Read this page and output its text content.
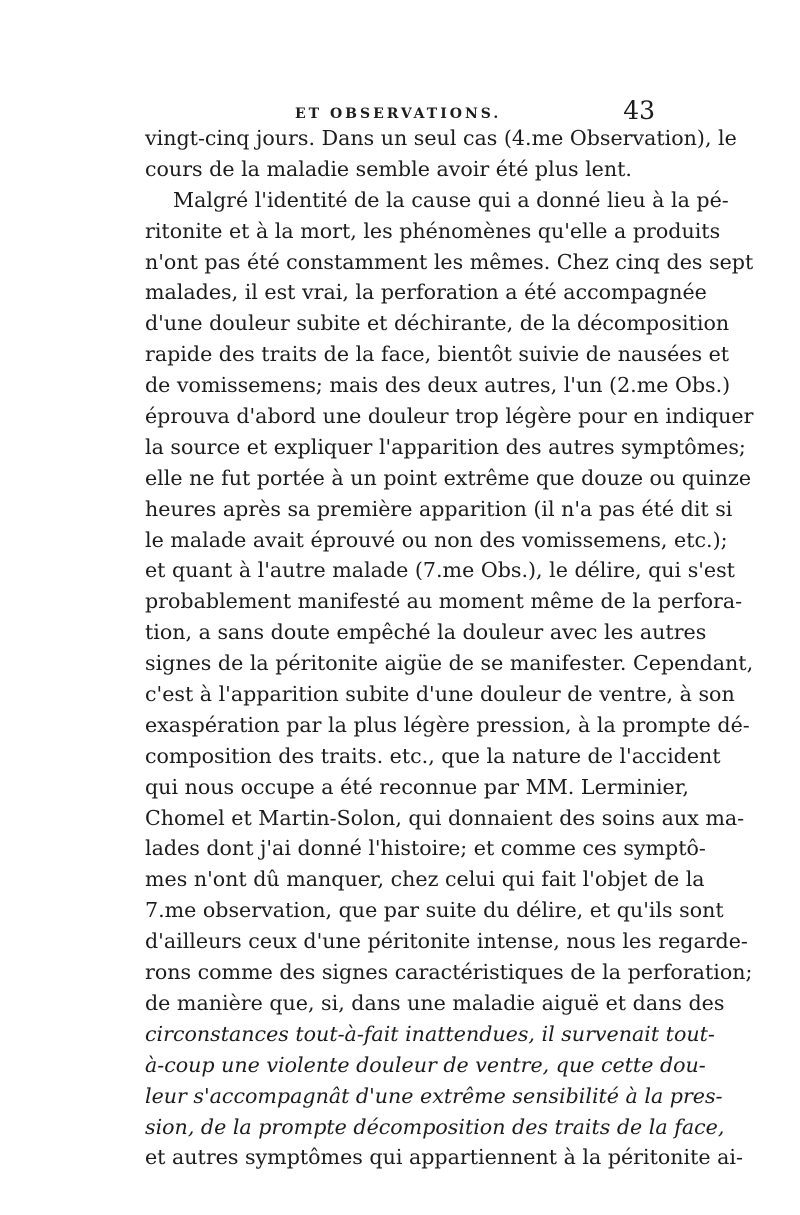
ET OBSERVATIONS.	43
vingt-cinq jours. Dans un seul cas (4.me Observation), le
cours de la maladie semble avoir été plus lent.
Malgré l'identité de la cause qui a donné lieu à la pé-
ritonite et à la mort, les phénomènes qu'elle a produits
n'ont pas été constamment les mêmes. Chez cinq des sept
malades, il est vrai, la perforation a été accompagnée
d'une douleur subite et déchirante, de la décomposition
rapide des traits de la face, bientôt suivie de nausées et
de vomissemens; mais des deux autres, l'un (2.me Obs.)
éprouva d'abord une douleur trop légère pour en indiquer
la source et expliquer l'apparition des autres symptômes;
elle ne fut portée à un point extrême que douze ou quinze
heures après sa première apparition (il n'a pas été dit si
le malade avait éprouvé ou non des vomissemens, etc.);
et quant à l'autre malade (7.me Obs.), le délire, qui s'est
probablement manifesté au moment même de la perfora-
tion, a sans doute empêché la douleur avec les autres
signes de la péritonite aigüe de se manifester. Cependant,
c'est à l'apparition subite d'une douleur de ventre, à son
exaspération par la plus légère pression, à la prompte dé-
composition des traits. etc., que la nature de l'accident
qui nous occupe a été reconnue par MM. Lerminier,
Chomel et Martin-Solon, qui donnaient des soins aux ma-
lades dont j'ai donné l'histoire; et comme ces symptô-
mes n'ont dû manquer, chez celui qui fait l'objet de la
7.me observation, que par suite du délire, et qu'ils sont
d'ailleurs ceux d'une péritonite intense, nous les regarde-
rons comme des signes caractéristiques de la perforation;
de manière que, si, dans une maladie aiguë et dans des
circonstances tout-à-fait inattendues, il survenait tout-
à-coup une violente douleur de ventre, que cette dou-
leur s'accompagnât d'une extrême sensibilité à la pres-
sion, de la prompte décomposition des traits de la face,
et autres symptômes qui appartiennent à la péritonite ai-
